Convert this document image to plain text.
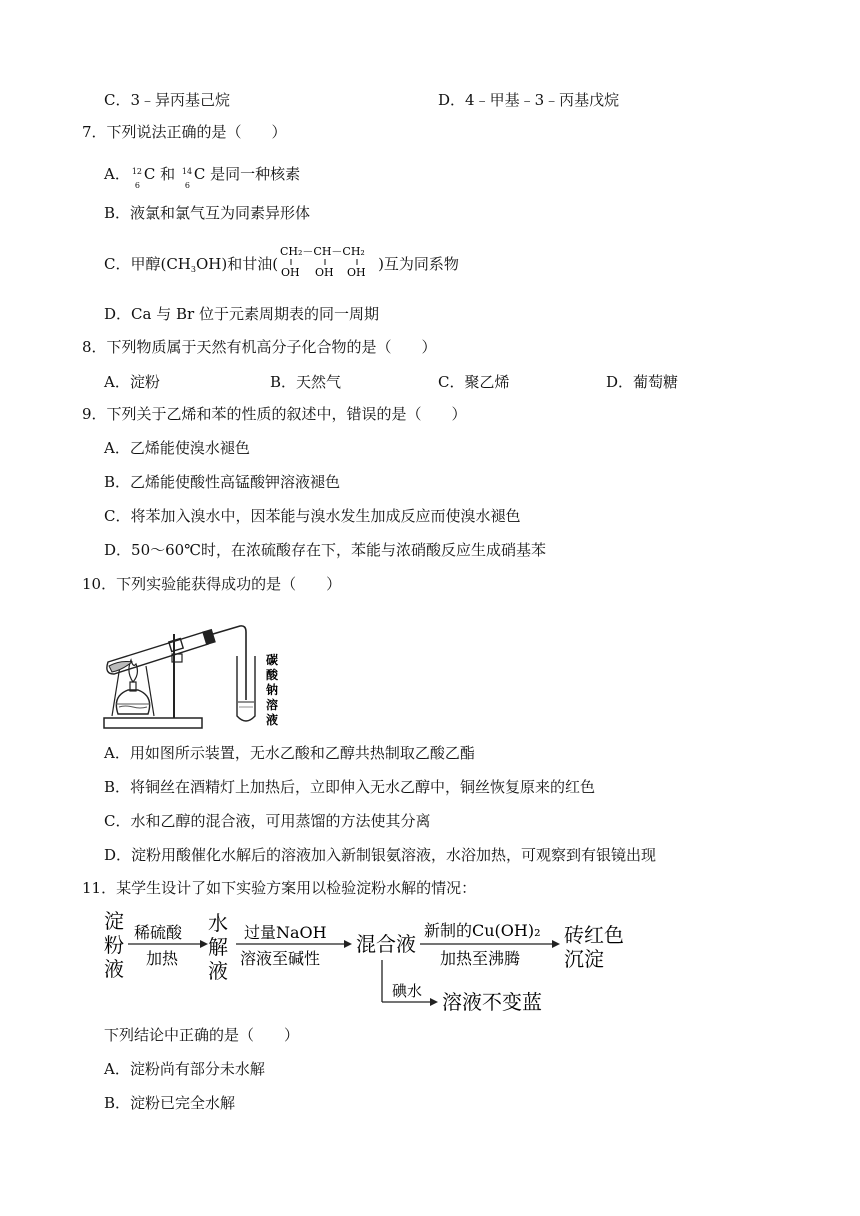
C．3﹣异丙基己烷	D．4﹣甲基﹣3﹣丙基戊烷
7．下列说法正确的是（　　）
A． 12
6
C 和 14
6
C 是同一种核素
B．液氯和氯气互为同素异形体
C．甲醇$(CH_3OH)$和甘油(
CH₂－CH－CH₂
OH OH OH )互为同系物
D．Ca 与 Br 位于元素周期表的同一周期
8．下列物质属于天然有机高分子化合物的是（　　）
A．淀粉	B．天然气	C．聚乙烯	D．葡萄糖
9．下列关于乙烯和苯的性质的叙述中，错误的是（　　）
A．乙烯能使溴水褪色
B．乙烯能使酸性高锰酸钾溶液褪色
C．将苯加入溴水中，因苯能与溴水发生加成反应而使溴水褪色
D．50～60℃时，在浓硫酸存在下，苯能与浓硝酸反应生成硝基苯
10．下列实验能获得成功的是（　　）
碳
酸
钠
溶
液
A．用如图所示装置，无水乙酸和乙醇共热制取乙酸乙酯
B．将铜丝在酒精灯上加热后，立即伸入无水乙醇中，铜丝恢复原来的红色
C．水和乙醇的混合液，可用蒸馏的方法使其分离
D．淀粉用酸催化水解后的溶液加入新制银氨溶液，水浴加热，可观察到有银镜出现
11．某学生设计了如下实验方案用以检验淀粉水解的情况：
淀
粉
液
稀硫酸
加热
水
解
液
过量NaOH
溶液至碱性
混合液
新制的Cu(OH)₂
加热至沸腾
砖红色
沉淀
碘水 溶液不变蓝
下列结论中正确的是（　　）
A．淀粉尚有部分未水解
B．淀粉已完全水解
